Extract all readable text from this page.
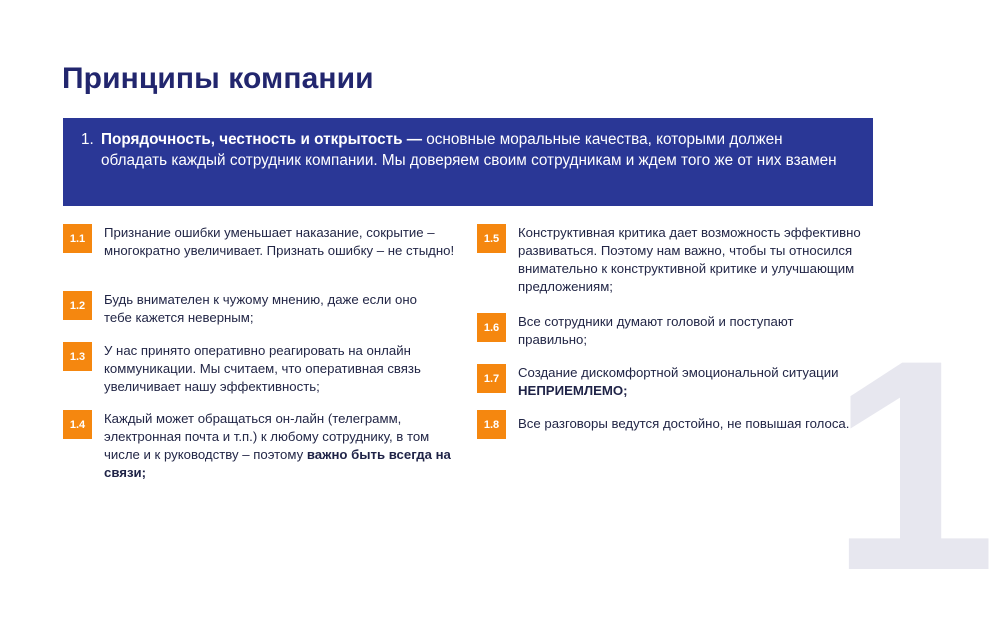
1
Принципы компании
1. Порядочность, честность и открытость — основные моральные качества, которыми должен обладать каждый сотрудник компании. Мы доверяем своим сотрудникам и ждем того же от них взамен
1.1	Признание ошибки уменьшает наказание, сокрытие – многократно увеличивает. Признать ошибку – не стыдно!
1.2	Будь внимателен к чужому мнению, даже если оно тебе кажется неверным;
1.3	У нас принято оперативно реагировать на онлайн коммуникации. Мы считаем, что оперативная связь увеличивает нашу эффективность;
1.4	Каждый может обращаться он-лайн (телеграмм, электронная почта и т.п.) к любому сотруднику, в том числе и к руководству – поэтому важно быть всегда на связи;
1.5	Конструктивная критика дает возможность эффективно развиваться. Поэтому нам важно, чтобы ты относился внимательно к конструктивной критике и улучшающим предложениям;
1.6	Все сотрудники думают головой и поступают правильно;
1.7	Создание дискомфортной эмоциональной ситуации НЕПРИЕМЛЕМО;
1.8	Все разговоры ведутся достойно, не повышая голоса.
